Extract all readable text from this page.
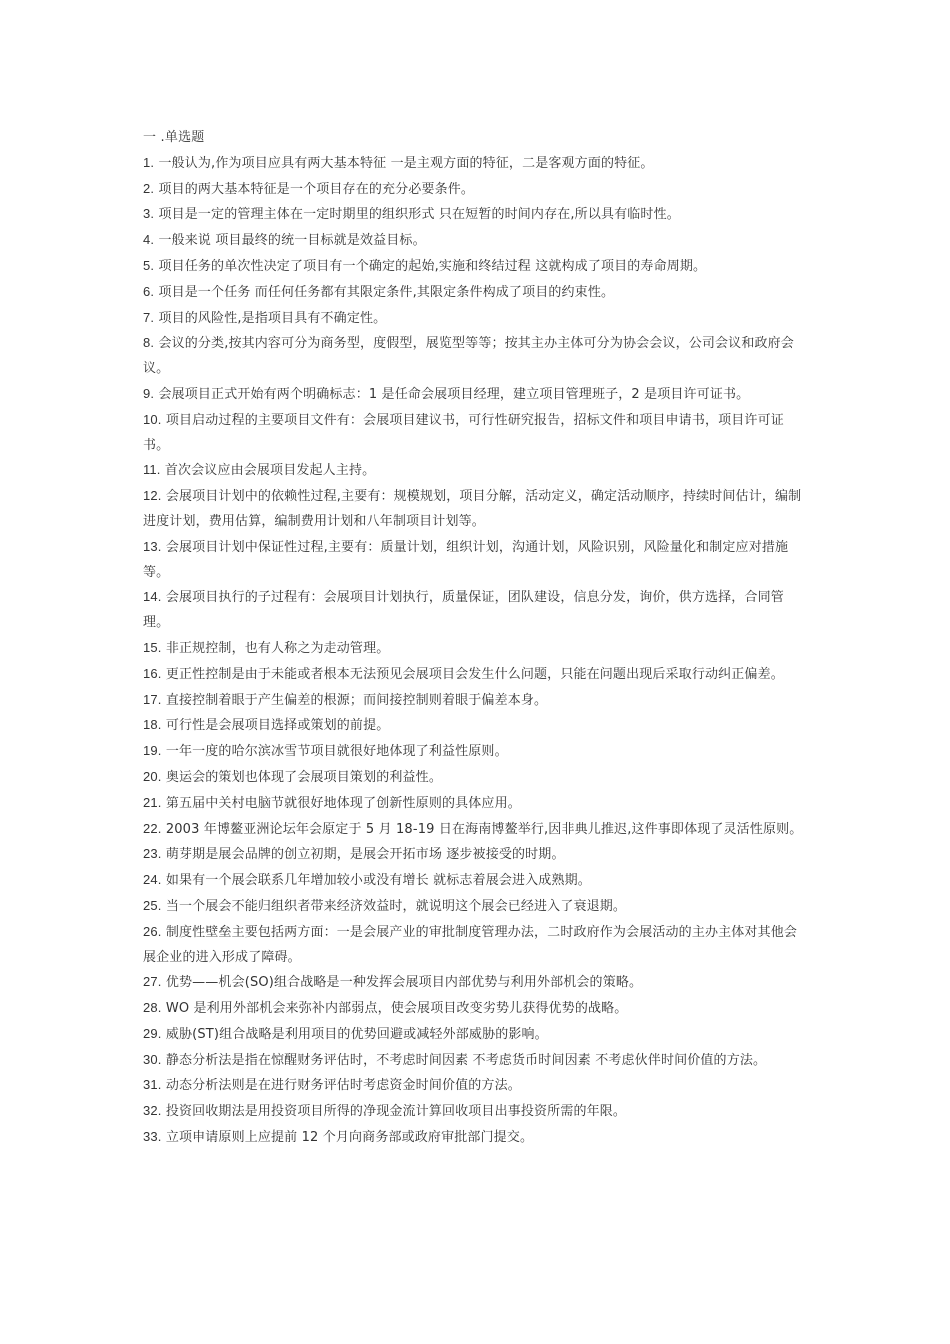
一 .单选题
1. 一般认为,作为项目应具有两大基本特征 一是主观方面的特征，二是客观方面的特征。
2. 项目的两大基本特征是一个项目存在的充分必要条件。
3. 项目是一定的管理主体在一定时期里的组织形式 只在短暂的时间内存在,所以具有临时性。
4. 一般来说 项目最终的统一目标就是效益目标。
5. 项目任务的单次性决定了项目有一个确定的起始,实施和终结过程 这就构成了项目的寿命周期。
6. 项目是一个任务 而任何任务都有其限定条件,其限定条件构成了项目的约束性。
7. 项目的风险性,是指项目具有不确定性。
8. 会议的分类,按其内容可分为商务型，度假型，展览型等等；按其主办主体可分为协会会议，公司会议和政府会议。
9. 会展项目正式开始有两个明确标志：1 是任命会展项目经理，建立项目管理班子，2 是项目许可证书。
10. 项目启动过程的主要项目文件有：会展项目建议书，可行性研究报告，招标文件和项目申请书，项目许可证书。
11. 首次会议应由会展项目发起人主持。
12. 会展项目计划中的依赖性过程,主要有：规模规划，项目分解，活动定义，确定活动顺序，持续时间估计，编制进度计划，费用估算，编制费用计划和八年制项目计划等。
13. 会展项目计划中保证性过程,主要有：质量计划，组织计划，沟通计划，风险识别，风险量化和制定应对措施等。
14. 会展项目执行的子过程有：会展项目计划执行，质量保证，团队建设，信息分发，询价，供方选择，合同管理。
15. 非正规控制，也有人称之为走动管理。
16. 更正性控制是由于未能或者根本无法预见会展项目会发生什么问题，只能在问题出现后采取行动纠正偏差。
17. 直接控制着眼于产生偏差的根源；而间接控制则着眼于偏差本身。
18. 可行性是会展项目选择或策划的前提。
19. 一年一度的哈尔滨冰雪节项目就很好地体现了利益性原则。
20. 奥运会的策划也体现了会展项目策划的利益性。
21. 第五届中关村电脑节就很好地体现了创新性原则的具体应用。
22. 2003 年博鳌亚洲论坛年会原定于 5 月 18-19 日在海南博鳌举行,因非典儿推迟,这件事即体现了灵活性原则。
23. 萌芽期是展会品牌的创立初期，是展会开拓市场 逐步被接受的时期。
24. 如果有一个展会联系几年增加较小或没有增长 就标志着展会进入成熟期。
25. 当一个展会不能归组织者带来经济效益时，就说明这个展会已经进入了衰退期。
26. 制度性壁垒主要包括两方面：一是会展产业的审批制度管理办法，二时政府作为会展活动的主办主体对其他会展企业的进入形成了障碍。
27. 优势——机会(SO)组合战略是一种发挥会展项目内部优势与利用外部机会的策略。
28. WO 是利用外部机会来弥补内部弱点，使会展项目改变劣势儿获得优势的战略。
29. 威胁(ST)组合战略是利用项目的优势回避或减轻外部威胁的影响。
30. 静态分析法是指在惊醒财务评估时，不考虑时间因素 不考虑货币时间因素 不考虑伙伴时间价值的方法。
31. 动态分析法则是在进行财务评估时考虑资金时间价值的方法。
32. 投资回收期法是用投资项目所得的净现金流计算回收项目出事投资所需的年限。
33. 立项申请原则上应提前 12 个月向商务部或政府审批部门提交。
